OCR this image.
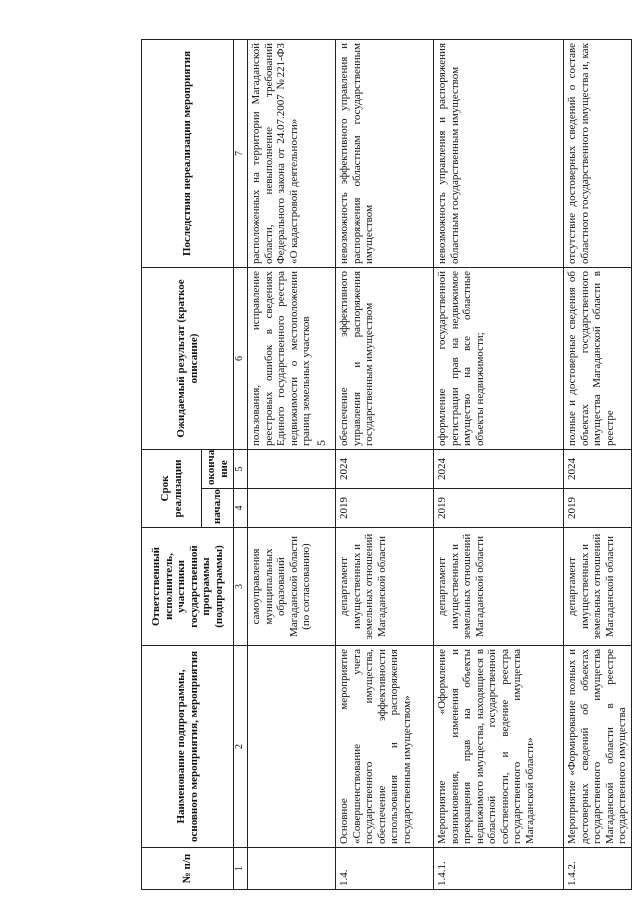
5
№ п/п	Наименование подпрограммы, основного мероприятия, мероприятия	Ответственный исполнитель, участники государственной программы (подпрограммы)	Срок реализации		Ожидаемый результат (краткое описание)	Последствия нереализации мероприятия
			начало	оконча ние		
1	2	3	4	5	6	7
		самоуправления муниципальных образований Магаданской области (по согласованию)			пользования, исправление реестровых ошибок в сведениях Единого государственного реестра недвижимости о местоположении границ земельных участков	расположенных на территории Магаданской области, невыполнение требований Федерального закона от 24.07.2007 №221-ФЗ «О кадастровой деятельности»
1.4.	Основное мероприятие «Совершенствование учета государственного имущества, обеспечение эффективности использования и распоряжения государственным имуществом»	департамент имущественных и земельных отношений Магаданской области	2019	2024	обеспечение эффективного управления и распоряжения государственным имуществом	невозможность эффективного управления и распоряжения областным государственным имуществом
1.4.1.	Мероприятие «Оформление возникновения, изменения и прекращения прав на объекты недвижимого имущества, находящиеся в областной государственной собственности, и ведение реестра государственного имущества Магаданской области»	департамент имущественных и земельных отношений Магаданской области	2019	2024	оформление государственной регистрации прав на недвижимое имущество на все областные объекты недвижимости;	невозможность управления и распоряжения областным государственным имуществом
1.4.2.	Мероприятие «Формирование полных и достоверных сведений об объектах государственного имущества Магаданской области в реестре государственного имущества	департамент имущественных и земельных отношений Магаданской области	2019	2024	полные и достоверные сведения об объектах государственного имущества Магаданской области в реестре	отсутствие достоверных сведений о составе областного государственного имущества и, как
